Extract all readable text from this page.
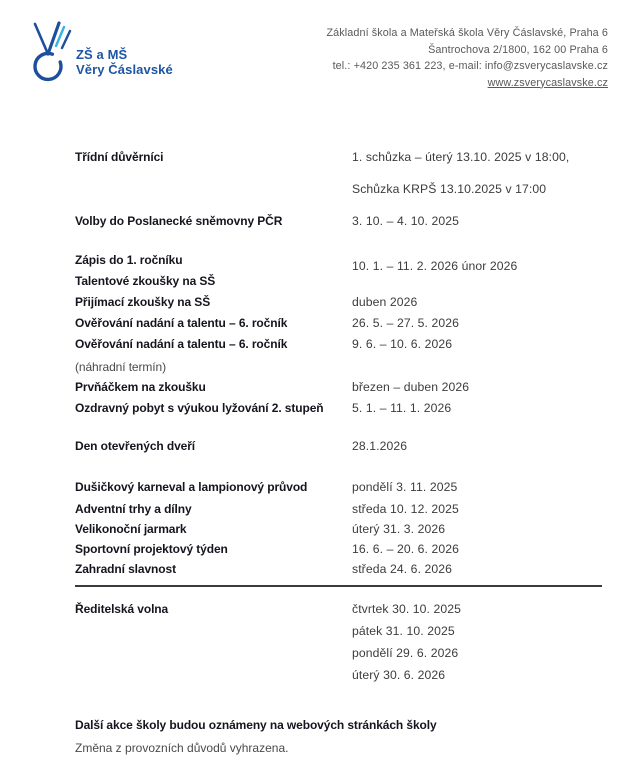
ZŠ a MŠ
Věry Čáslavské
Základní škola a Mateřská škola Věry Čáslavské, Praha 6
Šantrochova 2/1800, 162 00 Praha 6
tel.: +420 235 361 223, e-mail: info@zsverycaslavske.cz
www.zsverycaslavske.cz
Třídní důvěrníci	1. schůzka – úterý 13.10. 2025 v 18:00,
Schůzka KRPŠ 13.10.2025 v 17:00
Volby do Poslanecké sněmovny PČR	3. 10. – 4. 10. 2025
Zápis do 1. ročníku	10. 1. – 11. 2. 2026 únor 2026
Talentové zkoušky na SŠ
Přijímací zkoušky na SŠ	duben 2026
Ověřování nadání a talentu – 6. ročník	26. 5. – 27. 5. 2026
Ověřování nadání a talentu – 6. ročník	9. 6. – 10. 6. 2026
(náhradní termín)
Prvňáčkem na zkoušku	březen – duben 2026
Ozdravný pobyt s výukou lyžování 2. stupeň	5. 1. – 11. 1. 2026
Den otevřených dveří	28.1.2026
Dušičkový karneval a lampionový průvod	pondělí 3. 11. 2025
Adventní trhy a dílny	středa 10. 12. 2025
Velikonoční jarmark	úterý 31. 3. 2026
Sportovní projektový týden	16. 6. – 20. 6. 2026
Zahradní slavnost	středa 24. 6. 2026
Ředitelská volna	čtvrtek 30. 10. 2025
pátek 31. 10. 2025
pondělí 29. 6. 2026
úterý 30. 6. 2026
Další akce školy budou oznámeny na webových stránkách školy
Změna z provozních důvodů vyhrazena.
